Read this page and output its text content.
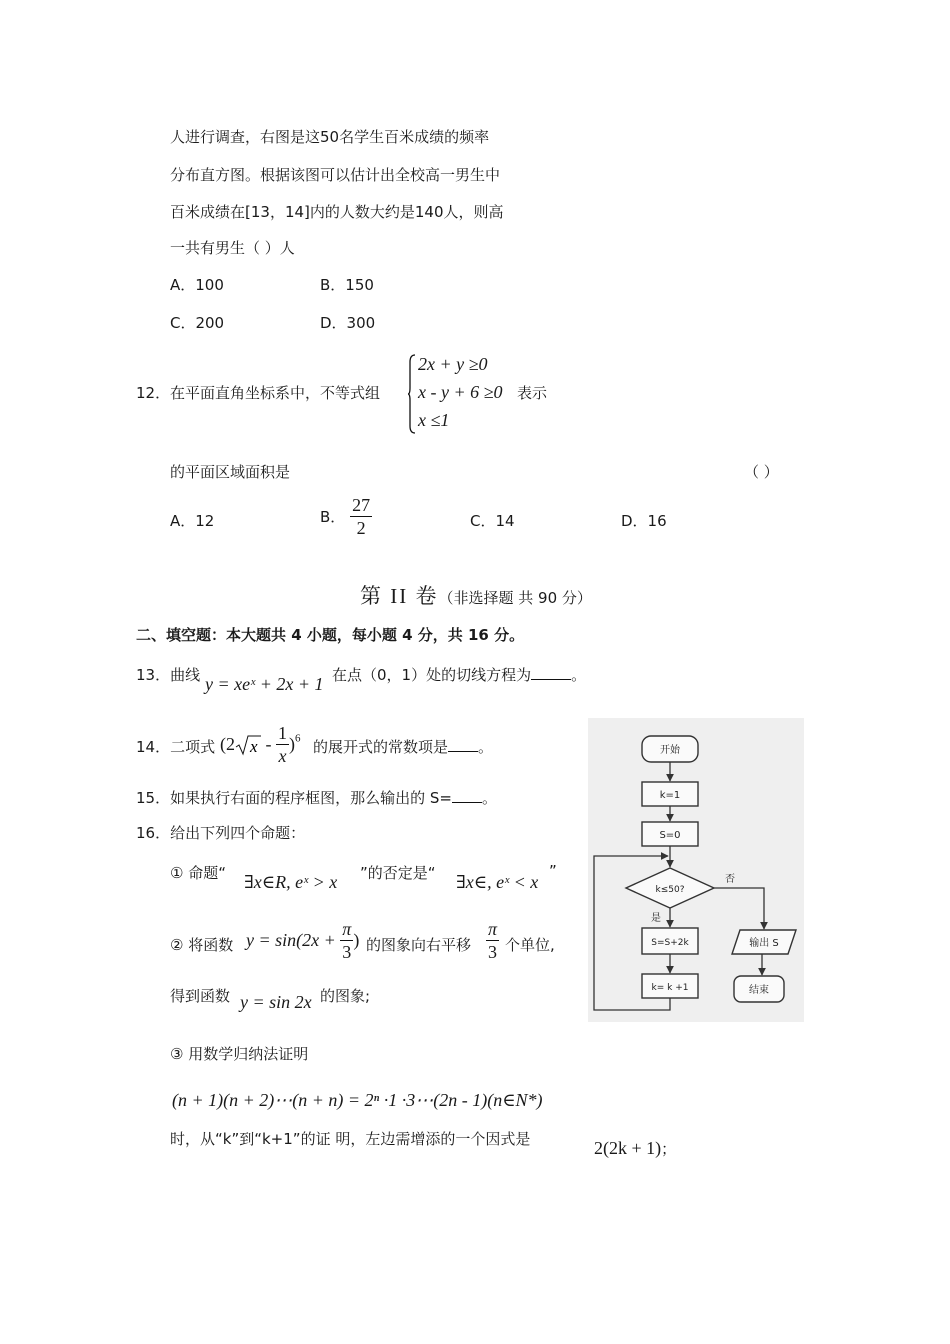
人进行调查，右图是这50名学生百米成绩的频率
分布直方图。根据该图可以估计出全校高一男生中
百米成绩在[13，14]内的人数大约是140人，则高
一共有男生（ ）人
A．100	B．150
C．200	D．300
12． 在平面直角坐标系中，不等式组
2x + y ≥0
x - y + 6 ≥0
x ≤1
表示
的平面区域面积是	（ ）
A．12	B． $\frac{27}{2}$	C．14	D．16
第 II 卷（非选择题 共 90 分）
二、填空题：本大题共 4 小题，每小题 4 分，共 16 分。
13．曲线 y = xeˣ + 2x + 1 在点（0，1）处的切线方程为	。
14．二项式 (2 x - $\frac{1}{x} )^6$ 的展开式的常数项是 。
15．如果执行右面的程序框图，那么输出的 S= 。
16．给出下列四个命题：
① 命题“ ∃x∈R, eˣ > x ”的否定是“ ∃x∈, eˣ < x
”
② 将函数 $y = \sin(2x + \frac{\pi}{3}$ ) 的图象向右平移 $\frac{\pi}{3}$ 个单位,
得到函数 y = sin 2x 的图象;
③ 用数学归纳法证明
(n + 1)(n + 2)⋯(n + n) = 2ⁿ ·1 ·3⋯(2n - 1)(n∈N*)
时，从“k”到“k+1”的证 明，左边需增添的一个因式是	2(2k + 1)；
开始
k=1
S=0
k≤50?
否
是
S=S+2k
k= k +1
输出 S
结束
